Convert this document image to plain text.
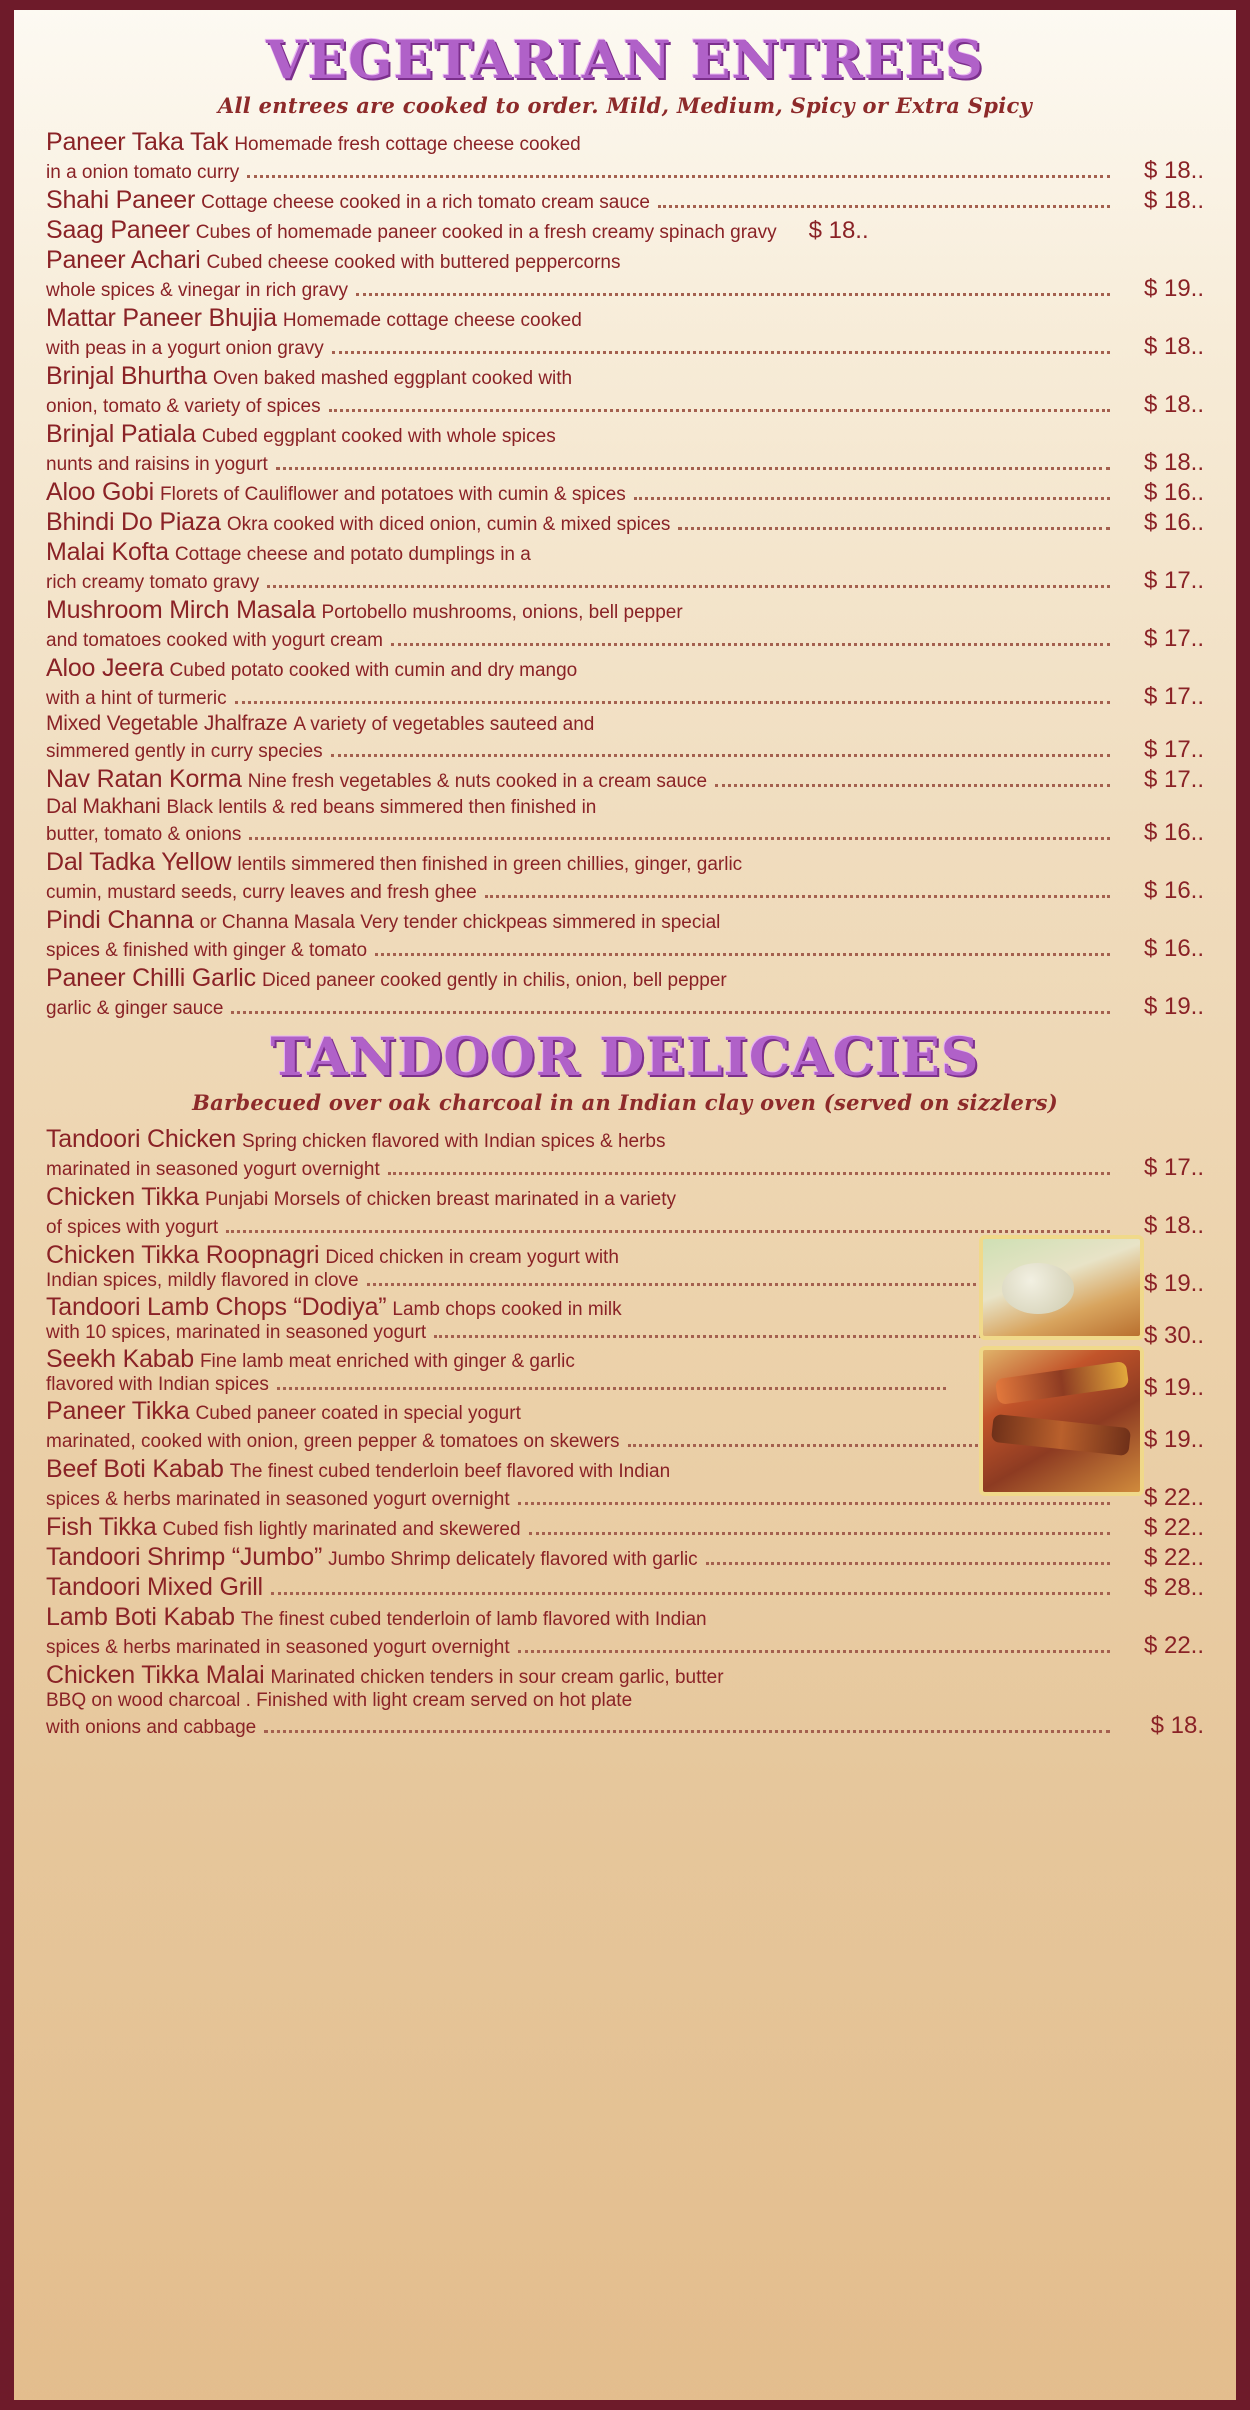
VEGETARIAN ENTREES
All entrees are cooked to order. Mild, Medium, Spicy or Extra Spicy
Paneer Taka Tak Homemade fresh cottage cheese cooked
in a onion tomato curry	$ 18..
Shahi Paneer Cottage cheese cooked in a rich tomato cream sauce	$ 18..
Saag Paneer Cubes of homemade paneer cooked in a fresh creamy spinach gravy	$ 18..
Paneer Achari Cubed cheese cooked with buttered peppercorns
whole spices & vinegar in rich gravy	$ 19..
Mattar Paneer Bhujia Homemade cottage cheese cooked
with peas in a yogurt onion gravy	$ 18..
Brinjal Bhurtha Oven baked mashed eggplant cooked with
onion, tomato & variety of spices	$ 18..
Brinjal Patiala Cubed eggplant cooked with whole spices
nunts and raisins in yogurt	$ 18..
Aloo Gobi Florets of Cauliflower and potatoes with cumin & spices	$ 16..
Bhindi Do Piaza Okra cooked with diced onion, cumin & mixed spices	$ 16..
Malai Kofta Cottage cheese and potato dumplings in a
rich creamy tomato gravy	$ 17..
Mushroom Mirch Masala Portobello mushrooms, onions, bell pepper
and tomatoes cooked with yogurt cream	$ 17..
Aloo Jeera Cubed potato cooked with cumin and dry mango
with a hint of turmeric	$ 17..
Mixed Vegetable Jhalfraze A variety of vegetables sauteed and
simmered gently in curry species	$ 17..
Nav Ratan Korma Nine fresh vegetables & nuts cooked in a cream sauce	$ 17..
Dal Makhani Black lentils & red beans simmered then finished in
butter, tomato & onions	$ 16..
Dal Tadka Yellow lentils simmered then finished in green chillies, ginger, garlic
cumin, mustard seeds, curry leaves and fresh ghee	$ 16..
Pindi Channa or Channa Masala Very tender chickpeas simmered in special
spices & finished with ginger & tomato	$ 16..
Paneer Chilli Garlic Diced paneer cooked gently in chilis, onion, bell pepper
garlic & ginger sauce	$ 19..
TANDOOR DELICACIES
Barbecued over oak charcoal in an Indian clay oven (served on sizzlers)
Tandoori Chicken Spring chicken flavored with Indian spices & herbs
marinated in seasoned yogurt overnight	$ 17..
Chicken Tikka Punjabi Morsels of chicken breast marinated in a variety
of spices with yogurt	$ 18..
Chicken Tikka Roopnagri Diced chicken in cream yogurt with
Indian spices, mildly flavored in clove	$ 19..
Tandoori Lamb Chops “Dodiya” Lamb chops cooked in milk
with 10 spices, marinated in seasoned yogurt	$ 30..
Seekh Kabab Fine lamb meat enriched with ginger & garlic
flavored with Indian spices	$ 19..
Paneer Tikka Cubed paneer coated in special yogurt
marinated, cooked with onion, green pepper & tomatoes on skewers	$ 19..
Beef Boti Kabab The finest cubed tenderloin beef flavored with Indian
spices & herbs marinated in seasoned yogurt overnight	$ 22..
Fish Tikka Cubed fish lightly marinated and skewered	$ 22..
Tandoori Shrimp “Jumbo” Jumbo Shrimp delicately flavored with garlic	$ 22..
Tandoori Mixed Grill	$ 28..
Lamb Boti Kabab The finest cubed tenderloin of lamb flavored with Indian
spices & herbs marinated in seasoned yogurt overnight	$ 22..
Chicken Tikka Malai Marinated chicken tenders in sour cream garlic, butter
BBQ on wood charcoal . Finished with light cream served on hot plate
with onions and cabbage	$ 18.
